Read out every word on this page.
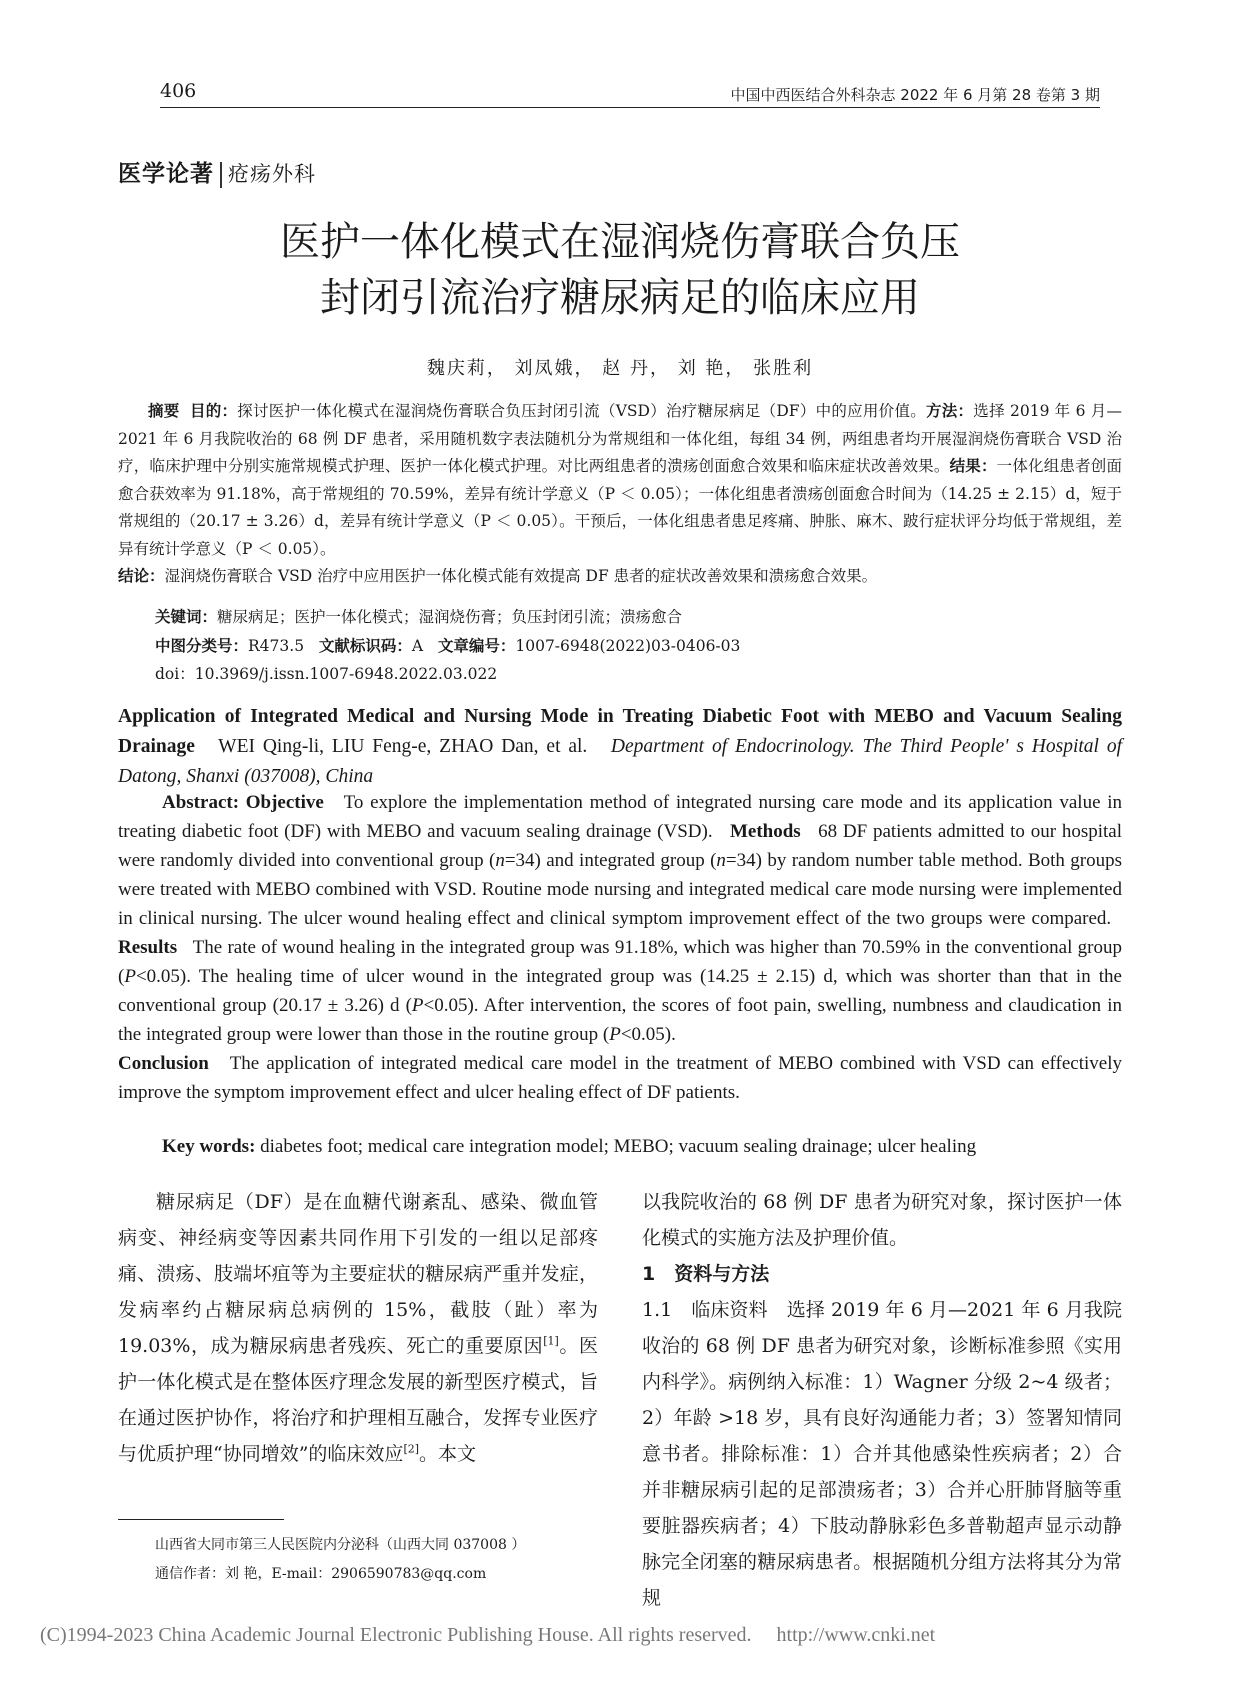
406	中国中西医结合外科杂志 2022 年 6 月第 28 卷第 3 期
医学论著 疮疡外科
医护一体化模式在湿润烧伤膏联合负压
封闭引流治疗糖尿病足的临床应用
魏庆莉， 刘凤娥， 赵 丹， 刘 艳， 张胜利
摘要 目的：探讨医护一体化模式在湿润烧伤膏联合负压封闭引流（VSD）治疗糖尿病足（DF）中的应用价值。方法：选择 2019 年 6 月—2021 年 6 月我院收治的 68 例 DF 患者，采用随机数字表法随机分为常规组和一体化组，每组 34 例，两组患者均开展湿润烧伤膏联合 VSD 治疗，临床护理中分别实施常规模式护理、医护一体化模式护理。对比两组患者的溃疡创面愈合效果和临床症状改善效果。结果：一体化组患者创面愈合获效率为 91.18%，高于常规组的 70.59%，差异有统计学意义（P ＜ 0.05）；一体化组患者溃疡创面愈合时间为（14.25 ± 2.15）d，短于常规组的（20.17 ± 3.26）d，差异有统计学意义（P ＜ 0.05）。干预后，一体化组患者患足疼痛、肿胀、麻木、跛行症状评分均低于常规组，差异有统计学意义（P ＜ 0.05）。
结论：湿润烧伤膏联合 VSD 治疗中应用医护一体化模式能有效提高 DF 患者的症状改善效果和溃疡愈合效果。
关键词：糖尿病足；医护一体化模式；湿润烧伤膏；负压封闭引流；溃疡愈合
中图分类号：R473.5 文献标识码：A 文章编号：1007-6948(2022)03-0406-03
doi：10.3969/j.issn.1007-6948.2022.03.022
Application of Integrated Medical and Nursing Mode in Treating Diabetic Foot with MEBO and Vacuum Sealing Drainage WEI Qing-li, LIU Feng-e, ZHAO Dan, et al. Department of Endocrinology. The Third People' s Hospital of Datong, Shanxi (037008), China
Abstract: Objective To explore the implementation method of integrated nursing care mode and its application value in treating diabetic foot (DF) with MEBO and vacuum sealing drainage (VSD). Methods 68 DF patients admitted to our hospital were randomly divided into conventional group (n=34) and integrated group (n=34) by random number table method. Both groups were treated with MEBO combined with VSD. Routine mode nursing and integrated medical care mode nursing were implemented in clinical nursing. The ulcer wound healing effect and clinical symptom improvement effect of the two groups were compared.   Results The rate of wound healing in the integrated group was 91.18%, which was higher than 70.59% in the conventional group (P<0.05). The healing time of ulcer wound in the integrated group was (14.25 ± 2.15) d, which was shorter than that in the conventional group (20.17 ± 3.26) d (P<0.05). After intervention, the scores of foot pain, swelling, numbness and claudication in the integrated group were lower than those in the routine group (P<0.05).
Conclusion The application of integrated medical care model in the treatment of MEBO combined with VSD can effectively improve the symptom improvement effect and ulcer healing effect of DF patients.
Key words: diabetes foot; medical care integration model; MEBO; vacuum sealing drainage; ulcer healing
糖尿病足（DF）是在血糖代谢紊乱、感染、微血管病变、神经病变等因素共同作用下引发的一组以足部疼痛、溃疡、肢端坏疽等为主要症状的糖尿病严重并发症，发病率约占糖尿病总病例的 15%，截肢（趾）率为 19.03%，成为糖尿病患者残疾、死亡的重要原因[1]。医护一体化模式是在整体医疗理念发展的新型医疗模式，旨在通过医护协作，将治疗和护理相互融合，发挥专业医疗与优质护理“协同增效”的临床效应[2]。本文
以我院收治的 68 例 DF 患者为研究对象，探讨医护一体化模式的实施方法及护理价值。
1　资料与方法
1.1　临床资料　选择 2019 年 6 月—2021 年 6 月我院收治的 68 例 DF 患者为研究对象，诊断标准参照《实用内科学》。病例纳入标准：1）Wagner 分级 2~4 级者；2）年龄 >18 岁，具有良好沟通能力者；3）签署知情同意书者。排除标准：1）合并其他感染性疾病者；2）合并非糖尿病引起的足部溃疡者；3）合并心肝肺肾脑等重要脏器疾病者；4）下肢动静脉彩色多普勒超声显示动静脉完全闭塞的糖尿病患者。根据随机分组方法将其分为常规
山西省大同市第三人民医院内分泌科（山西大同 037008 ）
通信作者：刘 艳，E-mail：2906590783@qq.com
(C)1994-2023 China Academic Journal Electronic Publishing House. All rights reserved.　 http://www.cnki.net
